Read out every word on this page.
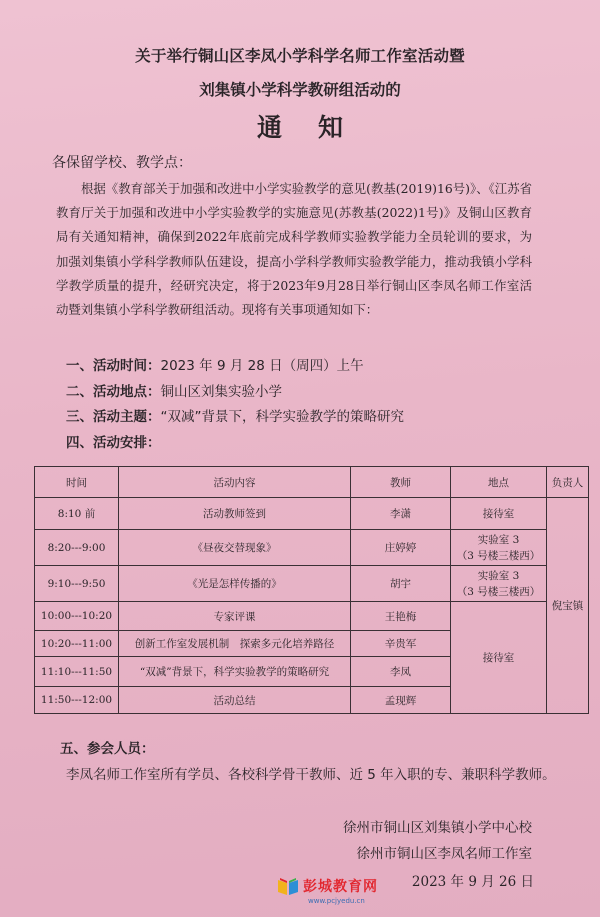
关于举行铜山区李凤小学科学名师工作室活动暨
刘集镇小学科学教研组活动的
通知
各保留学校、教学点：
根据《教育部关于加强和改进中小学实验教学的意见(教基(2019)16号)》、《江苏省教育厅关于加强和改进中小学实验教学的实施意见(苏教基(2022)1号)》及铜山区教育局有关通知精神，确保到2022年底前完成科学教师实验教学能力全员轮训的要求，为加强刘集镇小学科学教师队伍建设，提高小学科学教师实验教学能力，推动我镇小学科学教学质量的提升，经研究决定，将于2023年9月28日举行铜山区李凤名师工作室活动暨刘集镇小学科学教研组活动。现将有关事项通知如下：
一、活动时间：2023 年 9 月 28 日（周四）上午
二、活动地点：铜山区刘集实验小学
三、活动主题：“双减”背景下，科学实验教学的策略研究
四、活动安排：
时间	活动内容	教师	地点	负责人
8:10 前	活动教师签到	李潇	接待室	倪宝镇
8:20---9:00	《昼夜交替现象》	庄婷婷	实验室 3
（3 号楼三楼西）	

9:10---9:50	《光是怎样传播的》	胡宇	实验室 3
（3 号楼三楼西）	

10:00---10:20	专家评课	王艳梅	接待室	
10:20---11:00	创新工作室发展机制　探索多元化培养路径	辛贵军		
11:10---11:50	“双减”背景下，科学实验教学的策略研究	李凤		
11:50---12:00	活动总结	孟现辉		
五、参会人员：
李凤名师工作室所有学员、各校科学骨干教师、近 5 年入职的专、兼职科学教师。
徐州市铜山区刘集镇小学中心校
徐州市铜山区李凤名师工作室
2023 年 9 月 26 日
彭城教育网
www.pcjyedu.cn
